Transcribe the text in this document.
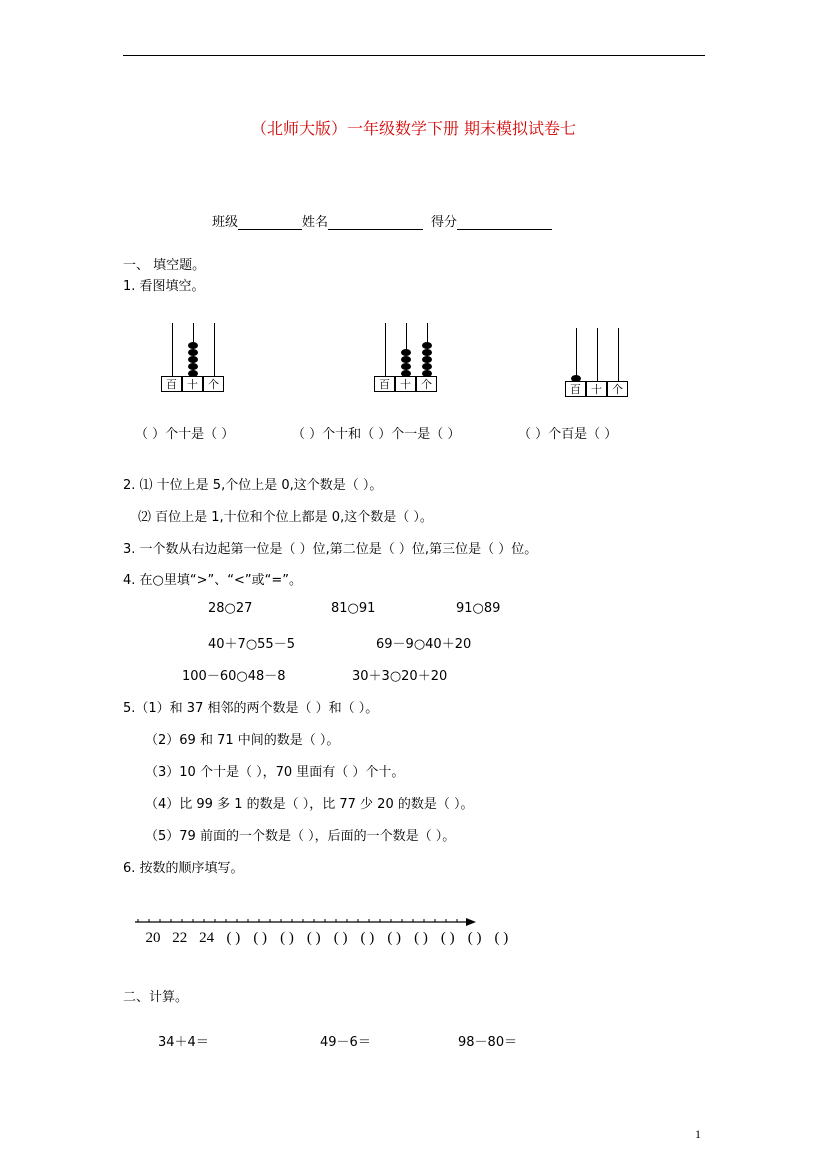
（北师大版）一年级数学下册 期末模拟试卷七
班级	姓名	得分
一、 填空题。
1. 看图填空。
百 十 个	百 十 个	百 十 个
（ ）个十是（ ）	（ ）个十和（ ）个一是（ ）	（ ）个百是（ ）
2. ⑴ 十位上是 5,个位上是 0,这个数是（ ）。
⑵ 百位上是 1,十位和个位上都是 0,这个数是（ ）。
3. 一个数从右边起第一位是（ ）位,第二位是（ ）位,第三位是（ ）位。
4. 在○里填“>”、“<”或“=”。
28○27	81○91	91○89
40＋7○55－5	69－9○40＋20
100－60○48－8	30＋3○20＋20
5.（1）和 37 相邻的两个数是（ ）和（ ）。
（2）69 和 71 中间的数是（ ）。
（3）10 个十是（ ），70 里面有（ ）个十。
（4）比 99 多 1 的数是（ ），比 77 少 20 的数是（ ）。
（5）79 前面的一个数是（ ），后面的一个数是（ ）。
6. 按数的顺序填写。
20 22 24 ( ) ( ) ( ) ( ) ( ) ( ) ( ) ( ) ( ) ( ) ( )
二、计算。
34＋4＝	49－6＝	98－80＝
1
